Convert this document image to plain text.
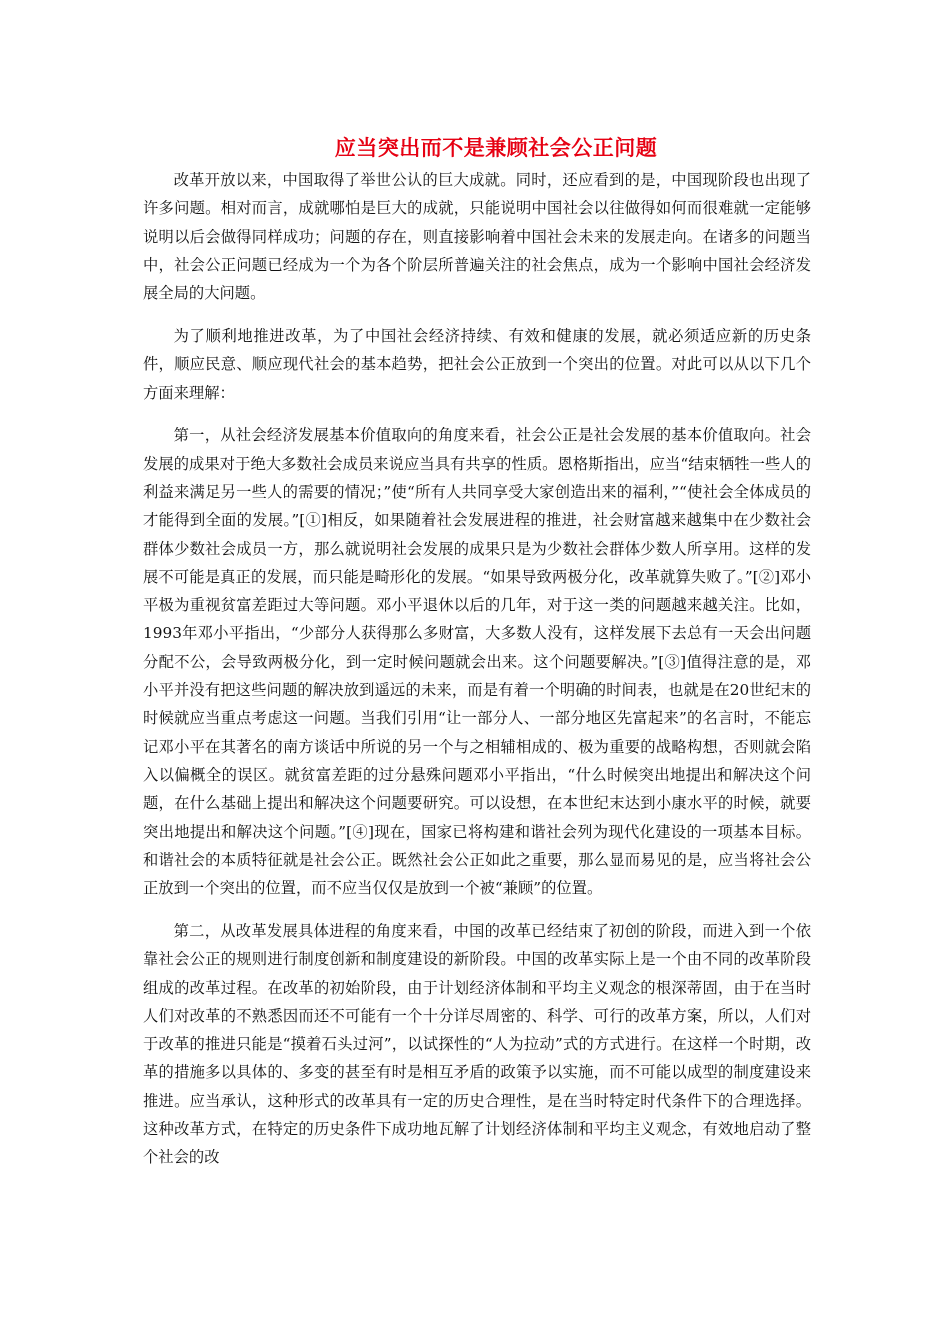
应当突出而不是兼顾社会公正问题

改革开放以来，中国取得了举世公认的巨大成就。同时，还应看到的是，中国现阶段也出现了许多问题。相对而言，成就哪怕是巨大的成就，只能说明中国社会以往做得如何而很难就一定能够说明以后会做得同样成功；问题的存在，则直接影响着中国社会未来的发展走向。在诸多的问题当中，社会公正问题已经成为一个为各个阶层所普遍关注的社会焦点，成为一个影响中国社会经济发展全局的大问题。

为了顺利地推进改革，为了中国社会经济持续、有效和健康的发展，就必须适应新的历史条件，顺应民意、顺应现代社会的基本趋势，把社会公正放到一个突出的位置。对此可以从以下几个方面来理解：

第一，从社会经济发展基本价值取向的角度来看，社会公正是社会发展的基本价值取向。社会发展的成果对于绝大多数社会成员来说应当具有共享的性质。恩格斯指出，应当“结束牺牲一些人的利益来满足另一些人的需要的情况；”使“所有人共同享受大家创造出来的福利，”“使社会全体成员的才能得到全面的发展。”[①]相反，如果随着社会发展进程的推进，社会财富越来越集中在少数社会群体少数社会成员一方，那么就说明社会发展的成果只是为少数社会群体少数人所享用。这样的发展不可能是真正的发展，而只能是畸形化的发展。“如果导致两极分化，改革就算失败了。”[②]邓小平极为重视贫富差距过大等问题。邓小平退休以后的几年，对于这一类的问题越来越关注。比如，1993年邓小平指出，“少部分人获得那么多财富，大多数人没有，这样发展下去总有一天会出问题分配不公，会导致两极分化，到一定时候问题就会出来。这个问题要解决。”[③]值得注意的是，邓小平并没有把这些问题的解决放到遥远的未来，而是有着一个明确的时间表，也就是在20世纪末的时候就应当重点考虑这一问题。当我们引用“让一部分人、一部分地区先富起来”的名言时，不能忘记邓小平在其著名的南方谈话中所说的另一个与之相辅相成的、极为重要的战略构想，否则就会陷入以偏概全的误区。就贫富差距的过分悬殊问题邓小平指出，“什么时候突出地提出和解决这个问题，在什么基础上提出和解决这个问题要研究。可以设想，在本世纪末达到小康水平的时候，就要突出地提出和解决这个问题。”[④]现在，国家已将构建和谐社会列为现代化建设的一项基本目标。和谐社会的本质特征就是社会公正。既然社会公正如此之重要，那么显而易见的是，应当将社会公正放到一个突出的位置，而不应当仅仅是放到一个被“兼顾”的位置。

第二，从改革发展具体进程的角度来看，中国的改革已经结束了初创的阶段，而进入到一个依靠社会公正的规则进行制度创新和制度建设的新阶段。中国的改革实际上是一个由不同的改革阶段组成的改革过程。在改革的初始阶段，由于计划经济体制和平均主义观念的根深蒂固，由于在当时人们对改革的不熟悉因而还不可能有一个十分详尽周密的、科学、可行的改革方案，所以，人们对于改革的推进只能是“摸着石头过河”，以试探性的“人为拉动”式的方式进行。在这样一个时期，改革的措施多以具体的、多变的甚至有时是相互矛盾的政策予以实施，而不可能以成型的制度建设来推进。应当承认，这种形式的改革具有一定的历史合理性，是在当时特定时代条件下的合理选择。这种改革方式，在特定的历史条件下成功地瓦解了计划经济体制和平均主义观念，有效地启动了整个社会的改
